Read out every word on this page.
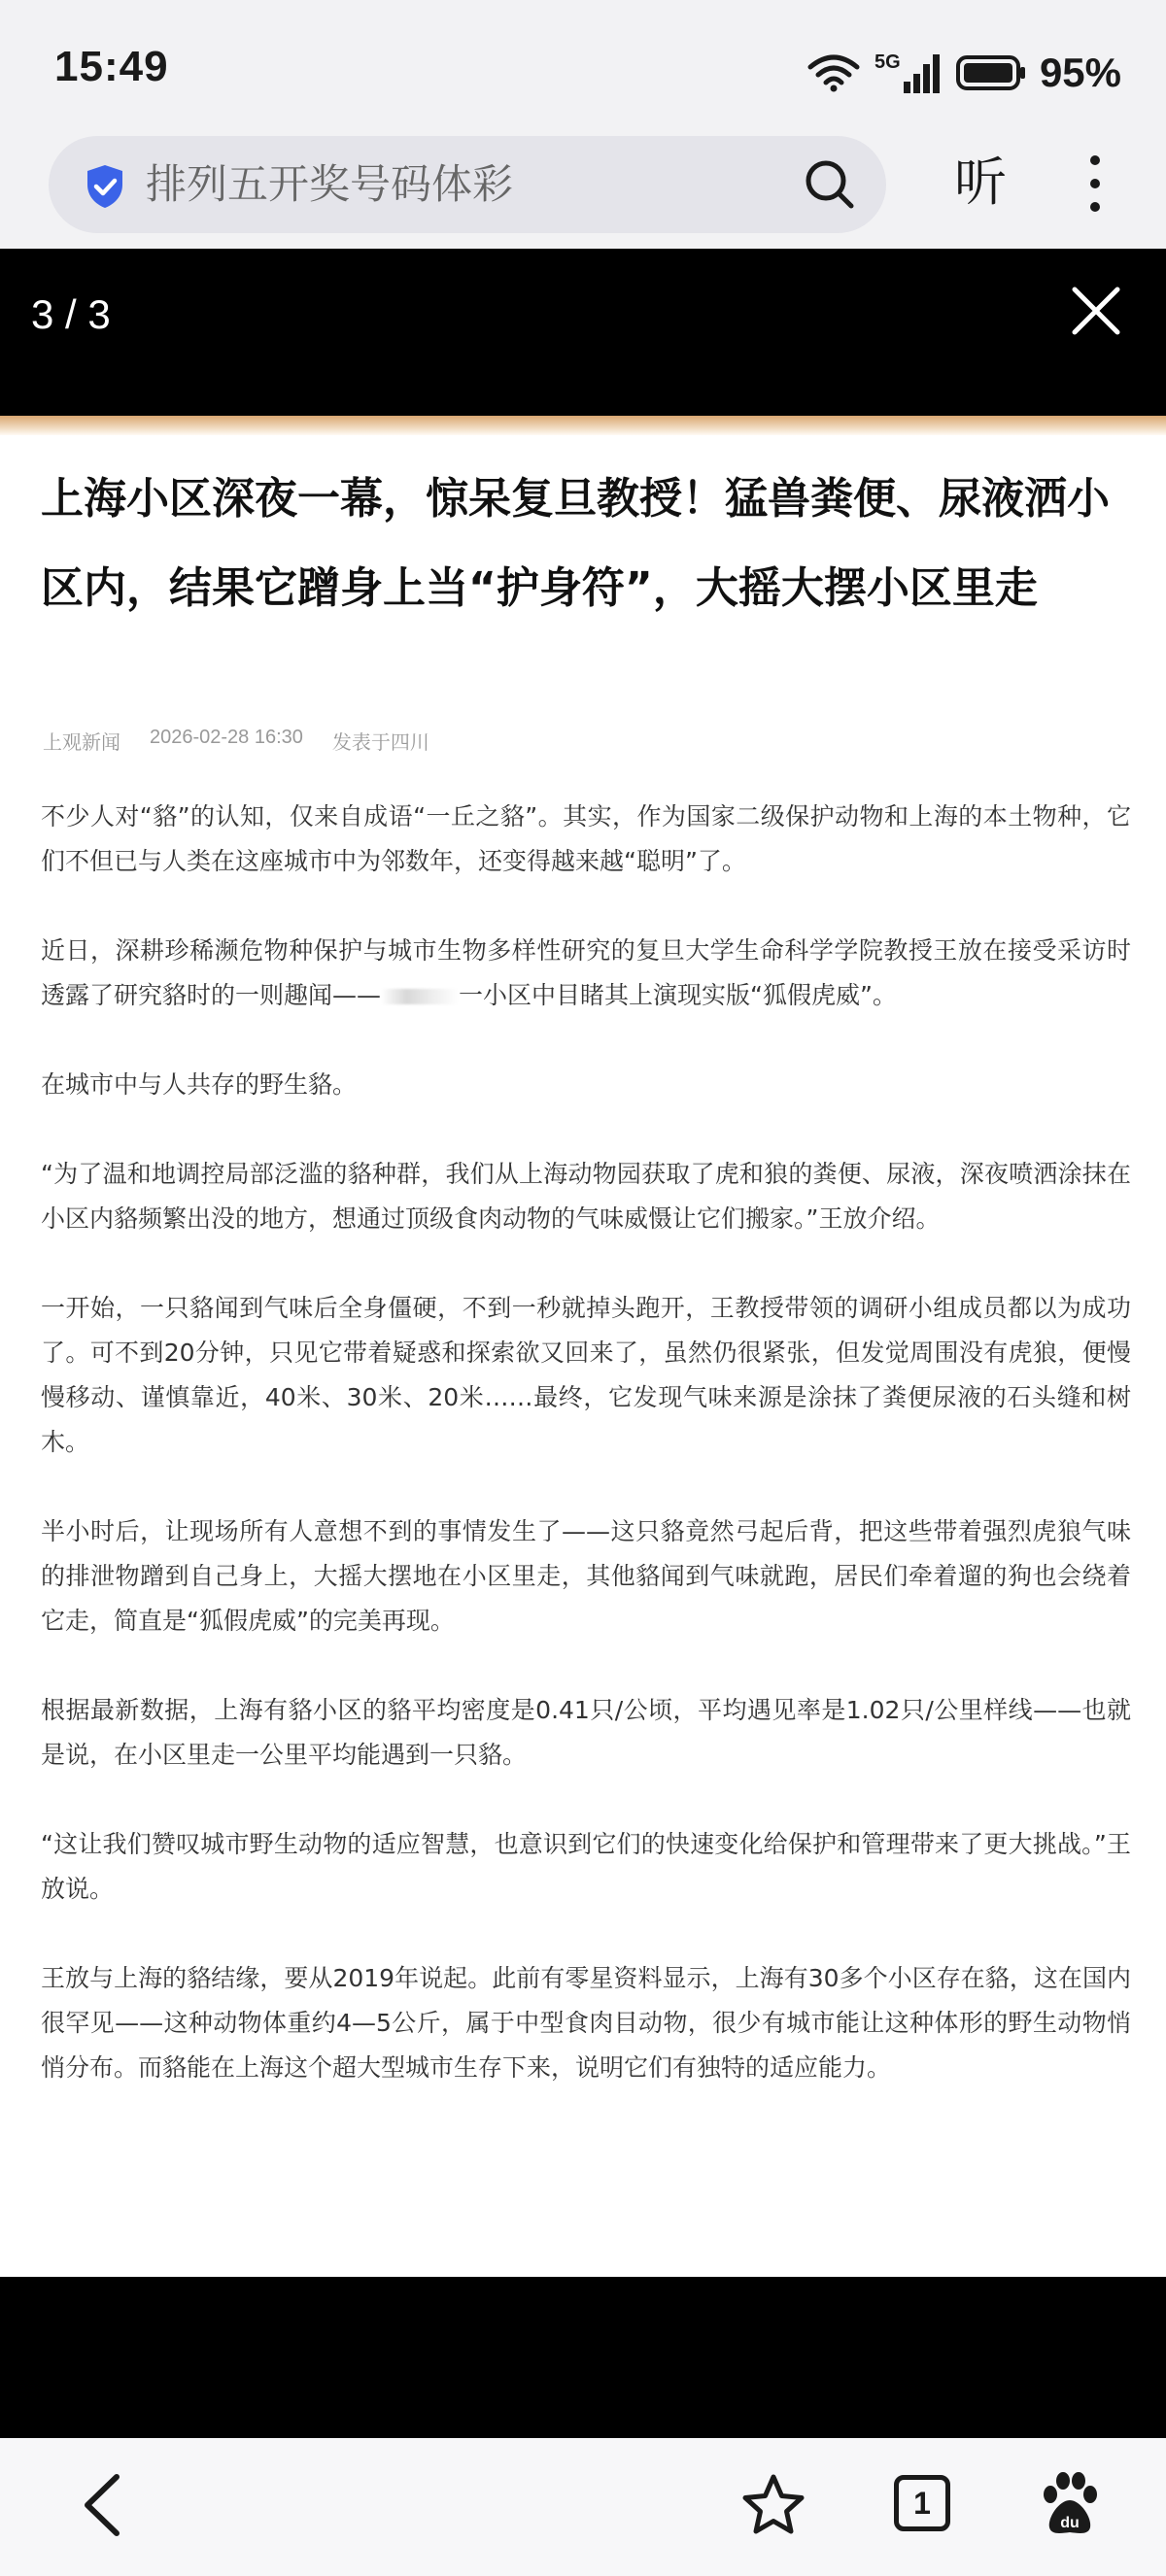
15:49	5G	95%
排列五开奖号码体彩	听
3 / 3
上海小区深夜一幕，惊呆复旦教授！猛兽粪便、尿液洒小区内，结果它蹭身上当“护身符”，大摇大摆小区里走
上观新闻 2026-02-28 16:30 发表于四川

不少人对“貉”的认知，仅来自成语“一丘之貉”。其实，作为国家二级保护动物和上海的本土物种，它们不但已与人类在这座城市中为邻数年，还变得越来越“聪明”了。

近日，深耕珍稀濒危物种保护与城市生物多样性研究的复旦大学生命科学学院教授王放在接受采访时透露了研究貉时的一则趣闻——	一小区中目睹其上演现实版“狐假虎威”。

在城市中与人共存的野生貉。

“为了温和地调控局部泛滥的貉种群，我们从上海动物园获取了虎和狼的粪便、尿液，深夜喷洒涂抹在小区内貉频繁出没的地方，想通过顶级食肉动物的气味威慑让它们搬家。”王放介绍。

一开始，一只貉闻到气味后全身僵硬，不到一秒就掉头跑开，王教授带领的调研小组成员都以为成功了。可不到20分钟，只见它带着疑惑和探索欲又回来了，虽然仍很紧张，但发觉周围没有虎狼，便慢慢移动、谨慎靠近，40米、30米、20米……最终，它发现气味来源是涂抹了粪便尿液的石头缝和树木。

半小时后，让现场所有人意想不到的事情发生了——这只貉竟然弓起后背，把这些带着强烈虎狼气味的排泄物蹭到自己身上，大摇大摆地在小区里走，其他貉闻到气味就跑，居民们牵着遛的狗也会绕着它走，简直是“狐假虎威”的完美再现。

根据最新数据，上海有貉小区的貉平均密度是0.41只/公顷，平均遇见率是1.02只/公里样线——也就是说，在小区里走一公里平均能遇到一只貉。

“这让我们赞叹城市野生动物的适应智慧，也意识到它们的快速变化给保护和管理带来了更大挑战。”王放说。

王放与上海的貉结缘，要从2019年说起。此前有零星资料显示，上海有30多个小区存在貉，这在国内很罕见——这种动物体重约4—5公斤，属于中型食肉目动物，很少有城市能让这种体形的野生动物悄悄分布。而貉能在上海这个超大型城市生存下来，说明它们有独特的适应能力。

1
du
